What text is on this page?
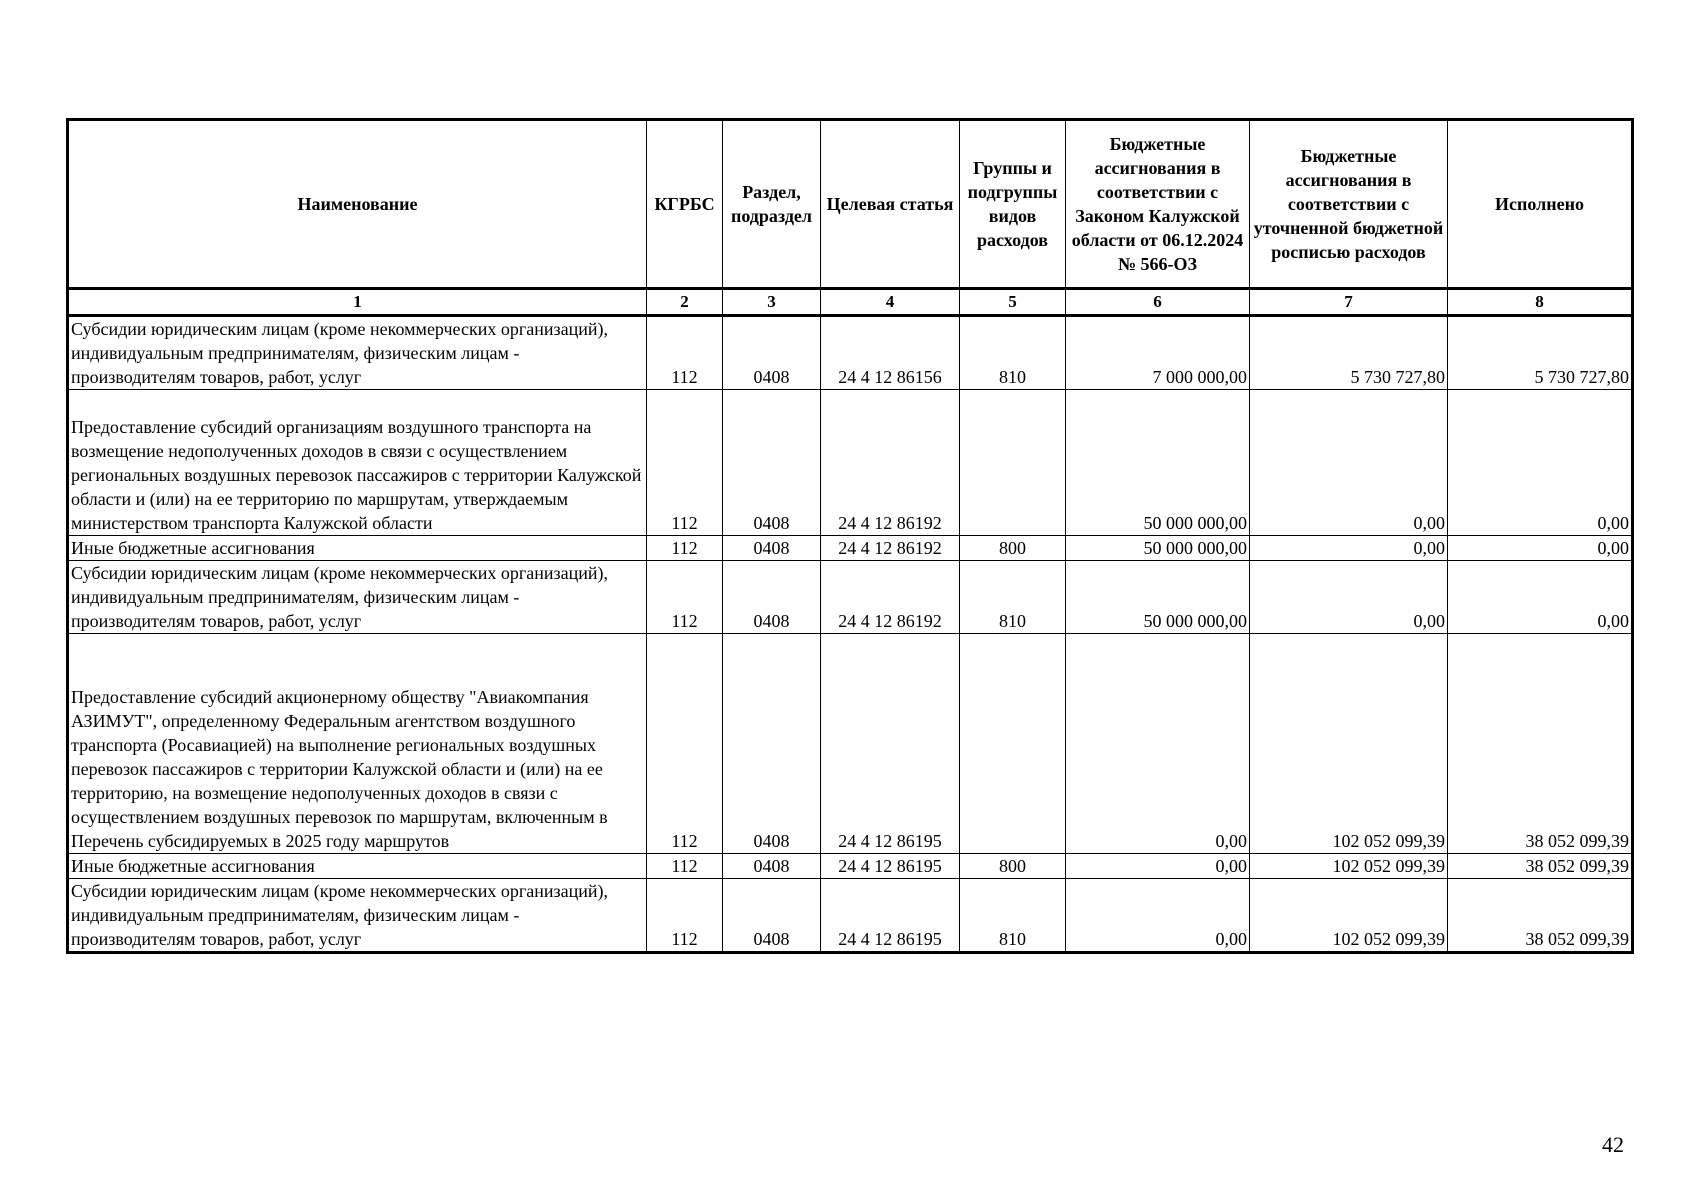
Наименование	КГРБС	Раздел, подраздел	Целевая статья	Группы и подгруппы видов расходов	Бюджетные ассигнования в соответствии с Законом Калужской области от 06.12.2024 № 566-ОЗ	Бюджетные ассигнования в соответствии с уточненной бюджетной росписью расходов	Исполнено
1	2	3	4	5	6	7	8
Субсидии юридическим лицам (кроме некоммерческих организаций), индивидуальным предпринимателям, физическим лицам - производителям товаров, работ, услуг	112	0408	24 4 12 86156	810	7 000 000,00	5 730 727,80	5 730 727,80
Предоставление субсидий организациям воздушного транспорта на возмещение недополученных доходов в связи с осуществлением региональных воздушных перевозок пассажиров с территории Калужской области и (или) на ее территорию по маршрутам, утверждаемым министерством транспорта Калужской области	112	0408	24 4 12 86192		50 000 000,00	0,00	0,00
Иные бюджетные ассигнования	112	0408	24 4 12 86192	800	50 000 000,00	0,00	0,00
Субсидии юридическим лицам (кроме некоммерческих организаций), индивидуальным предпринимателям, физическим лицам - производителям товаров, работ, услуг	112	0408	24 4 12 86192	810	50 000 000,00	0,00	0,00
Предоставление субсидий акционерному обществу "Авиакомпания АЗИМУТ", определенному Федеральным агентством воздушного транспорта (Росавиацией) на выполнение региональных воздушных перевозок пассажиров с территории Калужской области и (или) на ее территорию, на возмещение недополученных доходов в связи с осуществлением воздушных перевозок по маршрутам, включенным в Перечень субсидируемых в 2025 году маршрутов	112	0408	24 4 12 86195		0,00	102 052 099,39	38 052 099,39
Иные бюджетные ассигнования	112	0408	24 4 12 86195	800	0,00	102 052 099,39	38 052 099,39
Субсидии юридическим лицам (кроме некоммерческих организаций), индивидуальным предпринимателям, физическим лицам - производителям товаров, работ, услуг	112	0408	24 4 12 86195	810	0,00	102 052 099,39	38 052 099,39
42
